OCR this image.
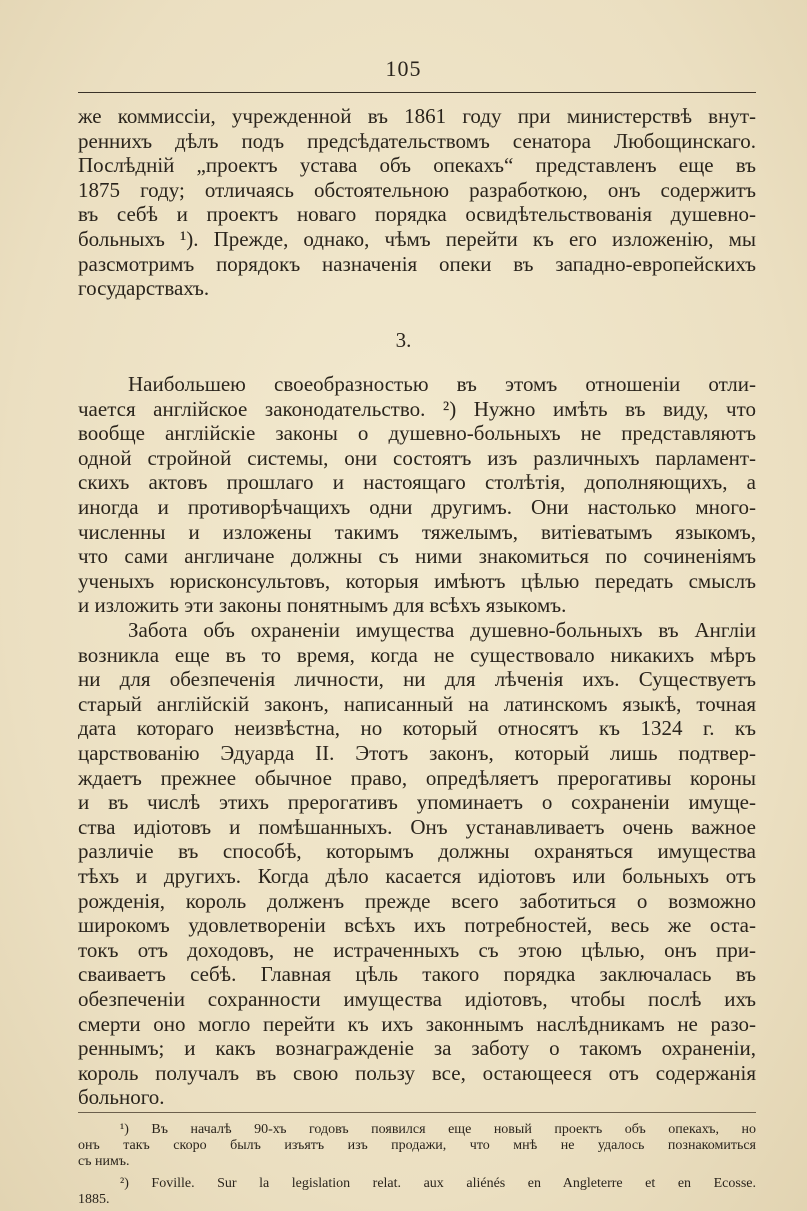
105
же коммиссіи, учрежденной въ 1861 году при министерствѣ внут-
реннихъ дѣлъ подъ предсѣдательствомъ сенатора Любощинскаго.
Послѣдній „проектъ устава объ опекахъ“ представленъ еще въ
1875 году; отличаясь обстоятельною разработкою, онъ содержитъ
въ себѣ и проектъ новаго порядка освидѣтельствованія душевно-
больныхъ ¹). Прежде, однако, чѣмъ перейти къ его изложенію, мы
разсмотримъ порядокъ назначенія опеки въ западно-европейскихъ
государствахъ.
3.
Наибольшею своеобразностью въ этомъ отношеніи отли-
чается англійское законодательство. ²) Нужно имѣть въ виду, что
вообще англійскіе законы о душевно-больныхъ не представляютъ
одной стройной системы, они состоятъ изъ различныхъ парламент-
скихъ актовъ прошлаго и настоящаго столѣтія, дополняющихъ, а
иногда и противорѣчащихъ одни другимъ. Они настолько много-
численны и изложены такимъ тяжелымъ, витіеватымъ языкомъ,
что сами англичане должны съ ними знакомиться по сочиненіямъ
ученыхъ юрисконсультовъ, которыя имѣютъ цѣлью передать смыслъ
и изложить эти законы понятнымъ для всѣхъ языкомъ.
Забота объ охраненіи имущества душевно-больныхъ въ Англіи
возникла еще въ то время, когда не существовало никакихъ мѣръ
ни для обезпеченія личности, ни для лѣченія ихъ. Существуетъ
старый англійскій законъ, написанный на латинскомъ языкѣ, точная
дата котораго неизвѣстна, но который относятъ къ 1324 г. къ
царствованію Эдуарда II. Этотъ законъ, который лишь подтвер-
ждаетъ прежнее обычное право, опредѣляетъ прерогативы короны
и въ числѣ этихъ прерогативъ упоминаетъ о сохраненіи имуще-
ства идіотовъ и помѣшанныхъ. Онъ устанавливаетъ очень важное
различіе въ способѣ, которымъ должны охраняться имущества
тѣхъ и другихъ. Когда дѣло касается идіотовъ или больныхъ отъ
рожденія, король долженъ прежде всего заботиться о возможно
широкомъ удовлетвореніи всѣхъ ихъ потребностей, весь же оста-
токъ отъ доходовъ, не истраченныхъ съ этою цѣлью, онъ при-
сваиваетъ себѣ. Главная цѣль такого порядка заключалась въ
обезпеченіи сохранности имущества идіотовъ, чтобы послѣ ихъ
смерти оно могло перейти къ ихъ законнымъ наслѣдникамъ не разо-
реннымъ; и какъ вознагражденіе за заботу о такомъ охраненіи,
король получалъ въ свою пользу все, остающееся отъ содержанія
больного.
¹) Въ началѣ 90-хъ годовъ появился еще новый проектъ объ опекахъ, но
онъ такъ скоро былъ изъятъ изъ продажи, что мнѣ не удалось познакомиться
съ нимъ.
²) Foville. Sur la legislation relat. aux aliénés en Angleterre et en Ecosse.
1885.
